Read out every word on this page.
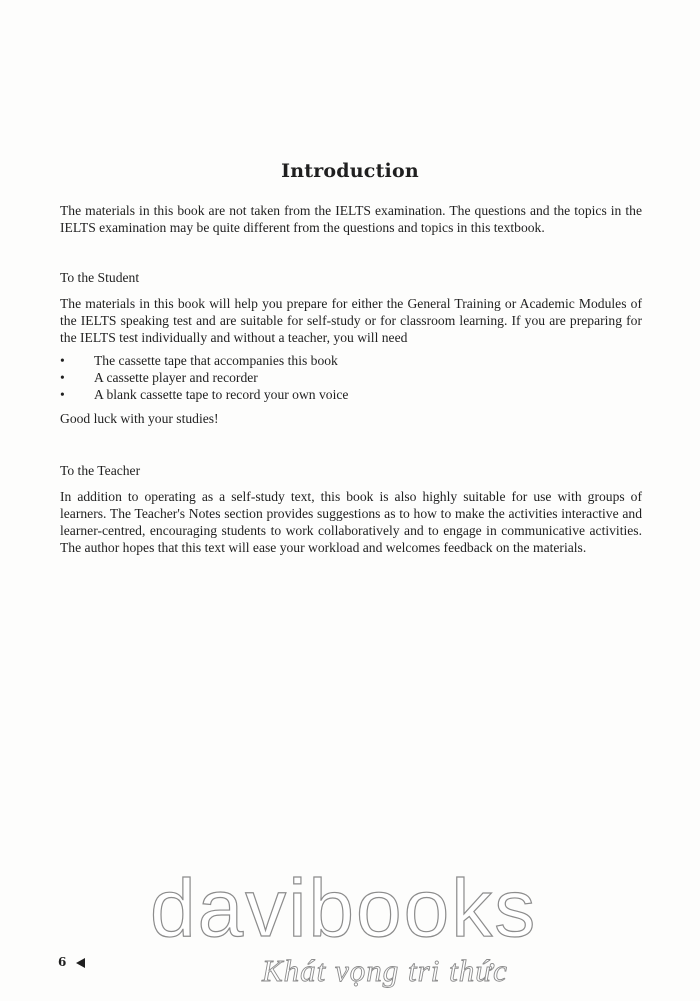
Introduction

The materials in this book are not taken from the IELTS examination. The questions and the topics in the IELTS examination may be quite different from the questions and topics in this textbook.

To the Student

The materials in this book will help you prepare for either the General Training or Academic Modules of the IELTS speaking test and are suitable for self-study or for classroom learning. If you are preparing for the IELTS test individually and without a teacher, you will need

•	The cassette tape that accompanies this book
•	A cassette player and recorder
•	A blank cassette tape to record your own voice

Good luck with your studies!

To the Teacher

In addition to operating as a self-study text, this book is also highly suitable for use with groups of learners. The Teacher's Notes section provides suggestions as to how to make the activities interactive and learner-centred, encouraging students to work collaboratively and to engage in communicative activities. The author hopes that this text will ease your workload and welcomes feedback on the materials.

davibooks

Khát vọng tri thức

6
